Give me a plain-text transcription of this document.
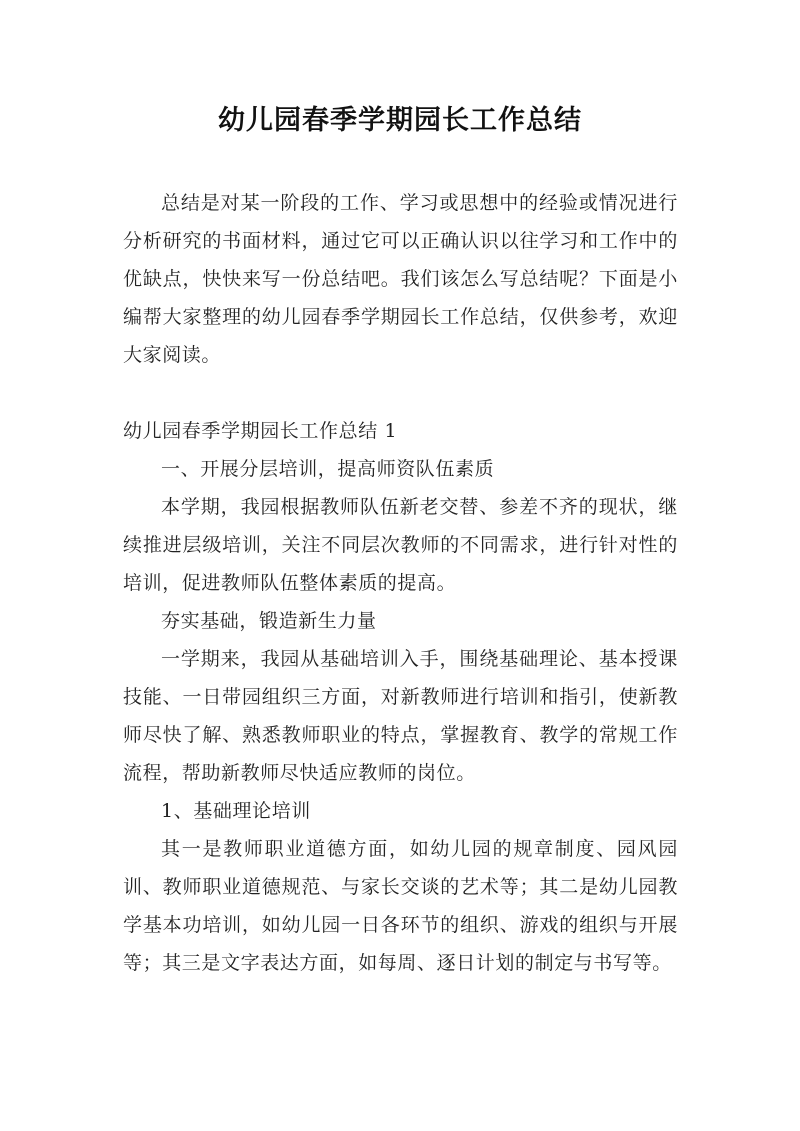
幼儿园春季学期园长工作总结

总结是对某一阶段的工作、学习或思想中的经验或情况进行分析研究的书面材料，通过它可以正确认识以往学习和工作中的优缺点，快快来写一份总结吧。我们该怎么写总结呢？下面是小编帮大家整理的幼儿园春季学期园长工作总结，仅供参考，欢迎大家阅读。

幼儿园春季学期园长工作总结 1

一、开展分层培训，提高师资队伍素质

本学期，我园根据教师队伍新老交替、参差不齐的现状，继续推进层级培训，关注不同层次教师的不同需求，进行针对性的培训，促进教师队伍整体素质的提高。

夯实基础，锻造新生力量

一学期来，我园从基础培训入手，围绕基础理论、基本授课技能、一日带园组织三方面，对新教师进行培训和指引，使新教师尽快了解、熟悉教师职业的特点，掌握教育、教学的常规工作流程，帮助新教师尽快适应教师的岗位。

1、基础理论培训

其一是教师职业道德方面，如幼儿园的规章制度、园风园训、教师职业道德规范、与家长交谈的艺术等；其二是幼儿园教学基本功培训，如幼儿园一日各环节的组织、游戏的组织与开展等；其三是文字表达方面，如每周、逐日计划的制定与书写等。
